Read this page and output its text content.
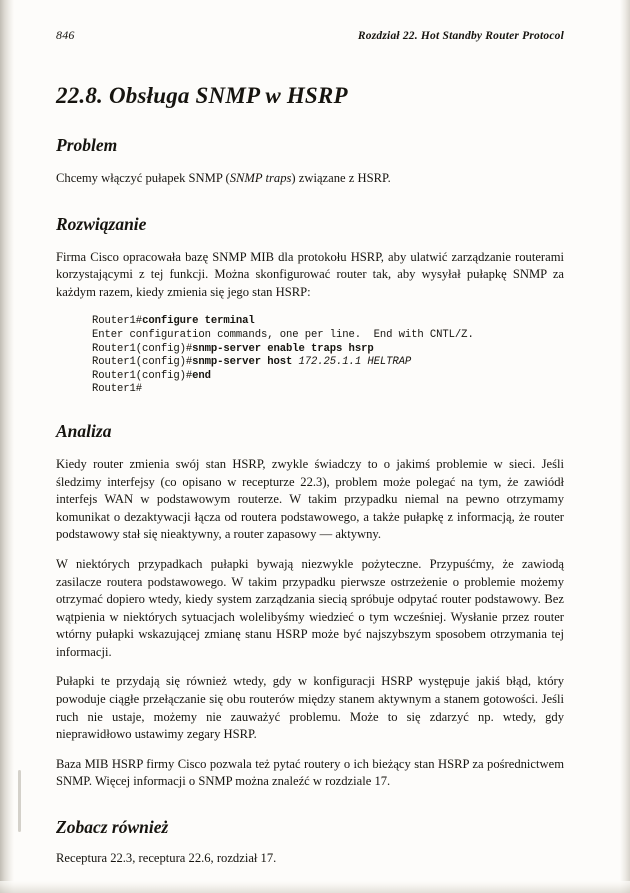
846	Rozdział 22. Hot Standby Router Protocol
22.8. Obsługa SNMP w HSRP
Problem

Chcemy włączyć pułapek SNMP (SNMP traps) związane z HSRP.

Rozwiązanie

Firma Cisco opracowała bazę SNMP MIB dla protokołu HSRP, aby ulatwić zarządzanie routerami korzystającymi z tej funkcji. Można skonfigurować router tak, aby wysyłał pułapkę SNMP za każdym razem, kiedy zmienia się jego stan HSRP:

Router1#configure terminal
Enter configuration commands, one per line.  End with CNTL/Z.
Router1(config)#snmp-server enable traps hsrp
Router1(config)#snmp-server host 172.25.1.1 HELTRAP
Router1(config)#end
Router1#
Analiza

Kiedy router zmienia swój stan HSRP, zwykle świadczy to o jakimś problemie w sieci. Jeśli śledzimy interfejsy (co opisano w recepturze 22.3), problem może polegać na tym, że zawiódł interfejs WAN w podstawowym routerze. W takim przypadku niemal na pewno otrzymamy komunikat o dezaktywacji łącza od routera podstawowego, a także pułapkę z informacją, że router podstawowy stał się nieaktywny, a router zapasowy — aktywny.

W niektórych przypadkach pułapki bywają niezwykle pożyteczne. Przypuśćmy, że zawiodą zasilacze routera podstawowego. W takim przypadku pierwsze ostrzeżenie o problemie możemy otrzymać dopiero wtedy, kiedy system zarządzania siecią spróbuje odpytać router podstawowy. Bez wątpienia w niektórych sytuacjach wolelibyśmy wiedzieć o tym wcześniej. Wysłanie przez router wtórny pułapki wskazującej zmianę stanu HSRP może być najszybszym sposobem otrzymania tej informacji.

Pułapki te przydają się również wtedy, gdy w konfiguracji HSRP występuje jakiś błąd, który powoduje ciągłe przełączanie się obu routerów między stanem aktywnym a stanem gotowości. Jeśli ruch nie ustaje, możemy nie zauważyć problemu. Może to się zdarzyć np. wtedy, gdy nieprawidłowo ustawimy zegary HSRP.

Baza MIB HSRP firmy Cisco pozwala też pytać routery o ich bieżący stan HSRP za pośrednictwem SNMP. Więcej informacji o SNMP można znaleźć w rozdziale 17.

Zobacz również

Receptura 22.3, receptura 22.6, rozdział 17.
